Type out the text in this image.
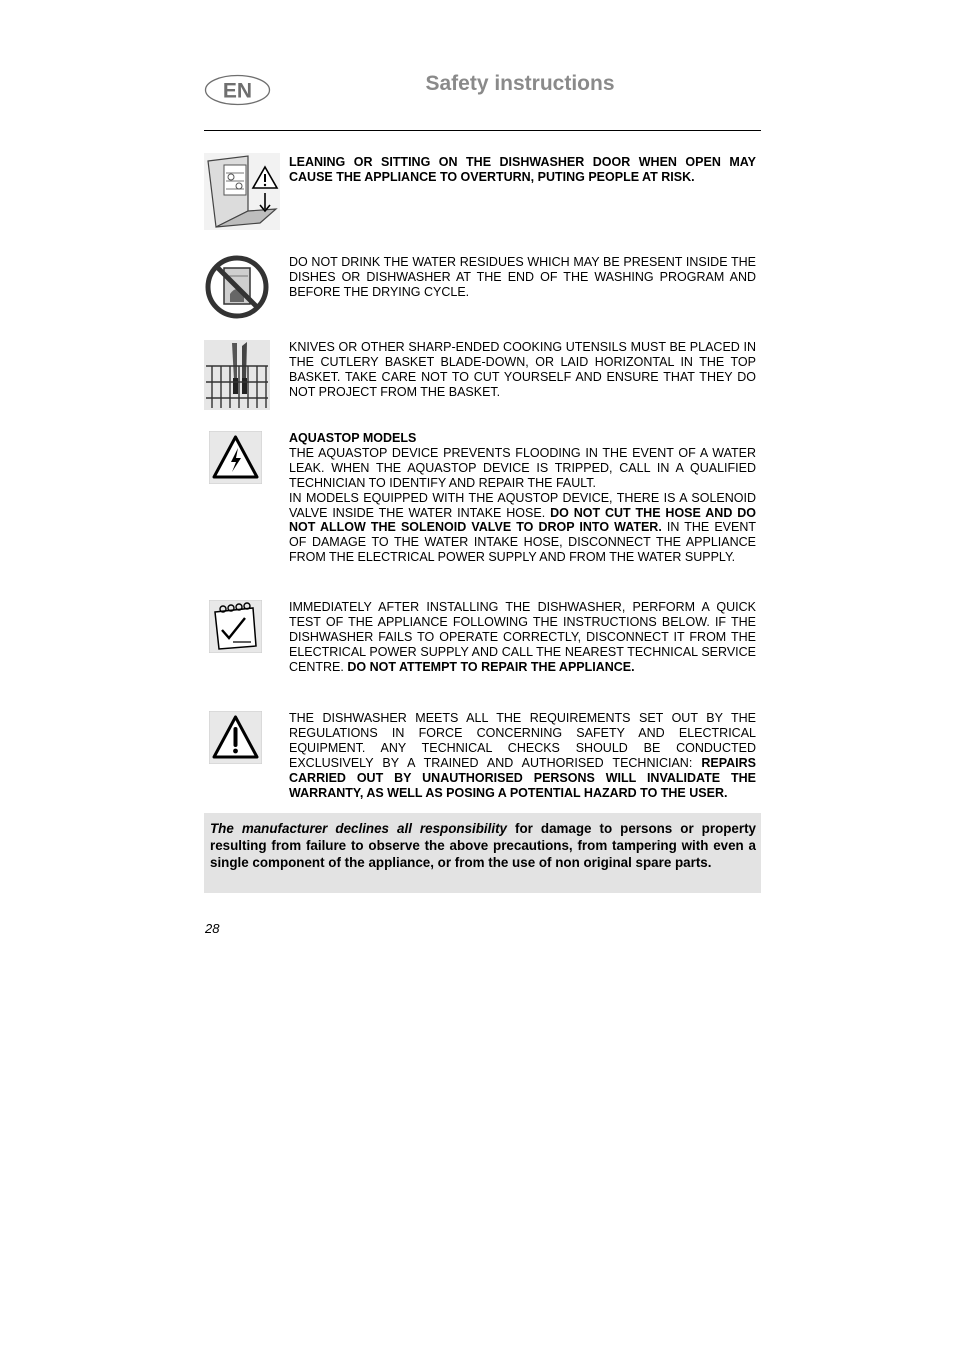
EN	Safety instructions
LEANING OR SITTING ON THE DISHWASHER DOOR WHEN OPEN MAY CAUSE THE APPLIANCE TO OVERTURN, PUTING PEOPLE AT RISK.
DO NOT DRINK THE WATER RESIDUES WHICH MAY BE PRESENT INSIDE THE DISHES OR DISHWASHER AT THE END OF THE WASHING PROGRAM AND BEFORE THE DRYING CYCLE.
KNIVES OR OTHER SHARP-ENDED COOKING UTENSILS MUST BE PLACED IN THE CUTLERY BASKET BLADE-DOWN, OR LAID HORIZONTAL IN THE TOP BASKET. TAKE CARE NOT TO CUT YOURSELF AND ENSURE THAT THEY DO NOT PROJECT FROM THE BASKET.
AQUASTOP MODELS
THE AQUASTOP DEVICE PREVENTS FLOODING IN THE EVENT OF A WATER LEAK. WHEN THE AQUASTOP DEVICE IS TRIPPED, CALL IN A QUALIFIED TECHNICIAN TO IDENTIFY AND REPAIR THE FAULT.
IN MODELS EQUIPPED WITH THE AQUSTOP DEVICE, THERE IS A SOLENOID VALVE INSIDE THE WATER INTAKE HOSE. DO NOT CUT THE HOSE AND DO NOT ALLOW THE SOLENOID VALVE TO DROP INTO WATER. IN THE EVENT OF DAMAGE TO THE WATER INTAKE HOSE, DISCONNECT THE APPLIANCE FROM THE ELECTRICAL POWER SUPPLY AND FROM THE WATER SUPPLY.
IMMEDIATELY AFTER INSTALLING THE DISHWASHER, PERFORM A QUICK TEST OF THE APPLIANCE FOLLOWING THE INSTRUCTIONS BELOW. IF THE DISHWASHER FAILS TO OPERATE CORRECTLY, DISCONNECT IT FROM THE ELECTRICAL POWER SUPPLY AND CALL THE NEAREST TECHNICAL SERVICE CENTRE. DO NOT ATTEMPT TO REPAIR THE APPLIANCE.
THE DISHWASHER MEETS ALL THE REQUIREMENTS SET OUT BY THE REGULATIONS IN FORCE CONCERNING SAFETY AND ELECTRICAL EQUIPMENT. ANY TECHNICAL CHECKS SHOULD BE CONDUCTED EXCLUSIVELY BY A TRAINED AND AUTHORISED TECHNICIAN: REPAIRS CARRIED OUT BY UNAUTHORISED PERSONS WILL INVALIDATE THE WARRANTY, AS WELL AS POSING A POTENTIAL HAZARD TO THE USER.
The manufacturer declines all responsibility for damage to persons or property resulting from failure to observe the above precautions, from tampering with even a single component of the appliance, or from the use of non original spare parts.
28
